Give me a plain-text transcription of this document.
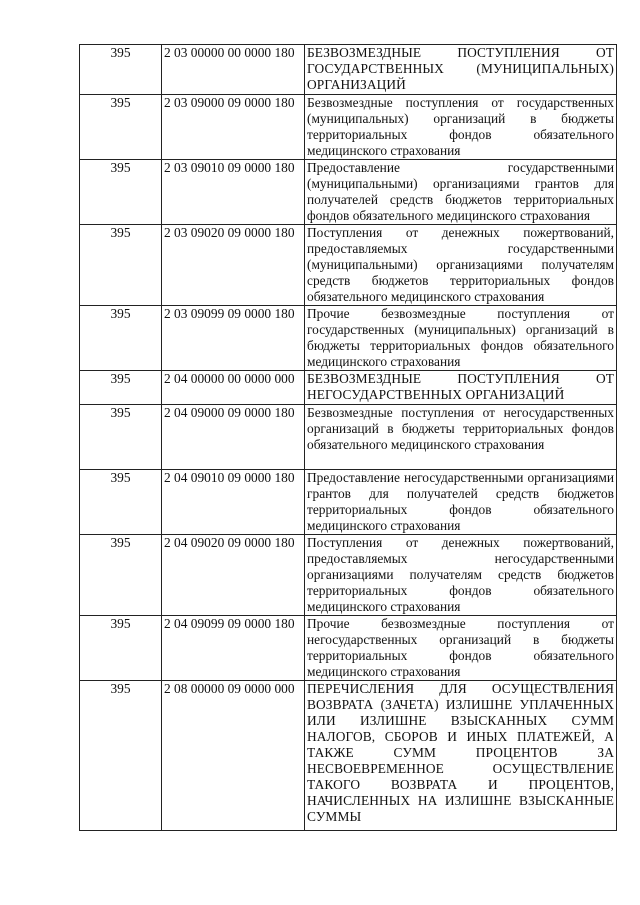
395	2 03 00000 00 0000 180	БЕЗВОЗМЕЗДНЫЕ ПОСТУПЛЕНИЯ ОТ ГОСУДАРСТВЕННЫХ (МУНИЦИПАЛЬНЫХ) ОРГАНИЗАЦИЙ
395	2 03 09000 09 0000 180	Безвозмездные поступления от государственных (муниципальных) организаций в бюджеты территориальных фондов обязательного медицинского страхования
395	2 03 09010 09 0000 180	Предоставление государственными (муниципальными) организациями грантов для получателей средств бюджетов территориальных фондов обязательного медицинского страхования
395	2 03 09020 09 0000 180	Поступления от денежных пожертвований, предоставляемых государственными (муниципальными) организациями получателям средств бюджетов территориальных фондов обязательного медицинского страхования
395	2 03 09099 09 0000 180	Прочие безвозмездные поступления от государственных (муниципальных) организаций в бюджеты территориальных фондов обязательного медицинского страхования
395	2 04 00000 00 0000 000	БЕЗВОЗМЕЗДНЫЕ ПОСТУПЛЕНИЯ ОТ НЕГОСУДАРСТВЕННЫХ ОРГАНИЗАЦИЙ
395	2 04 09000 09 0000 180	Безвозмездные поступления от негосударственных организаций в бюджеты территориальных фондов обязательного медицинского страхования
395	2 04 09010 09 0000 180	Предоставление негосударственными организациями грантов для получателей средств бюджетов территориальных фондов обязательного медицинского страхования
395	2 04 09020 09 0000 180	Поступления от денежных пожертвований, предоставляемых негосударственными организациями получателям средств бюджетов территориальных фондов обязательного медицинского страхования
395	2 04 09099 09 0000 180	Прочие безвозмездные поступления от негосударственных организаций в бюджеты территориальных фондов обязательного медицинского страхования
395	2 08 00000 09 0000 000	ПЕРЕЧИСЛЕНИЯ ДЛЯ ОСУЩЕСТВЛЕНИЯ ВОЗВРАТА (ЗАЧЕТА) ИЗЛИШНЕ УПЛАЧЕННЫХ ИЛИ ИЗЛИШНЕ ВЗЫСКАННЫХ СУММ НАЛОГОВ, СБОРОВ И ИНЫХ ПЛАТЕЖЕЙ, А ТАКЖЕ СУММ ПРОЦЕНТОВ ЗА НЕСВОЕВРЕМЕННОЕ ОСУЩЕСТВЛЕНИЕ ТАКОГО ВОЗВРАТА И ПРОЦЕНТОВ, НАЧИСЛЕННЫХ НА ИЗЛИШНЕ ВЗЫСКАННЫЕ СУММЫ
